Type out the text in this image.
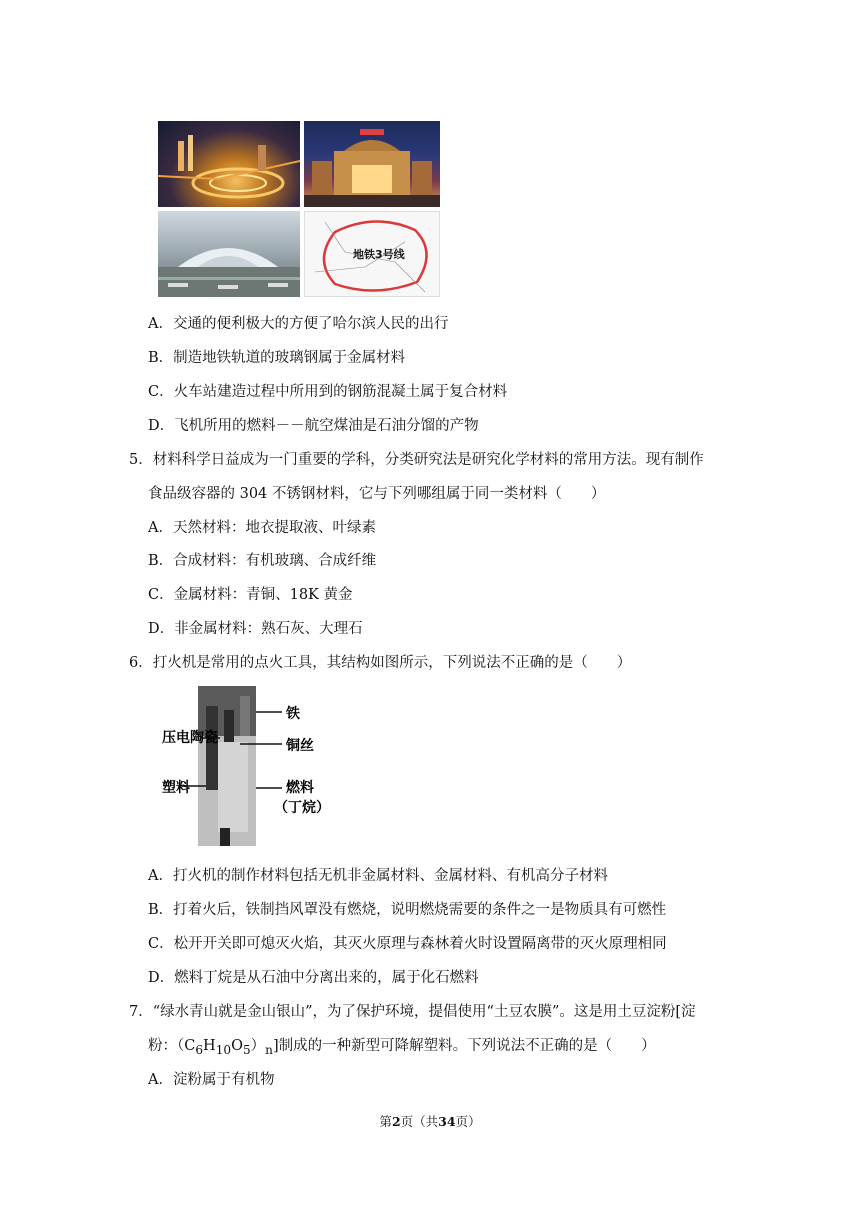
地铁3号线
A．交通的便利极大的方便了哈尔滨人民的出行
B．制造地铁轨道的玻璃钢属于金属材料
C．火车站建造过程中所用到的钢筋混凝土属于复合材料
D．飞机所用的燃料－－航空煤油是石油分馏的产物
5．材料科学日益成为一门重要的学科，分类研究法是研究化学材料的常用方法。现有制作
食品级容器的 304 不锈钢材料，它与下列哪组属于同一类材料（　　）
A．天然材料：地衣提取液、叶绿素
B．合成材料：有机玻璃、合成纤维
C．金属材料：青铜、18K 黄金
D．非金属材料：熟石灰、大理石
6．打火机是常用的点火工具，其结构如图所示，下列说法不正确的是（　　）
铁
压电陶瓷	铜丝
塑料	燃料
（丁烷）
A．打火机的制作材料包括无机非金属材料、金属材料、有机高分子材料
B．打着火后，铁制挡风罩没有燃烧，说明燃烧需要的条件之一是物质具有可燃性
C．松开开关即可熄灭火焰，其灭火原理与森林着火时设置隔离带的灭火原理相同
D．燃料丁烷是从石油中分离出来的，属于化石燃料
7．“绿水青山就是金山银山”，为了保护环境，提倡使用“土豆农膜”。这是用土豆淀粉[淀
粉：$(C_6H_{10}O_5)_n$]制成的一种新型可降解塑料。下列说法不正确的是（　　）
A．淀粉属于有机物
第2页（共34页）
